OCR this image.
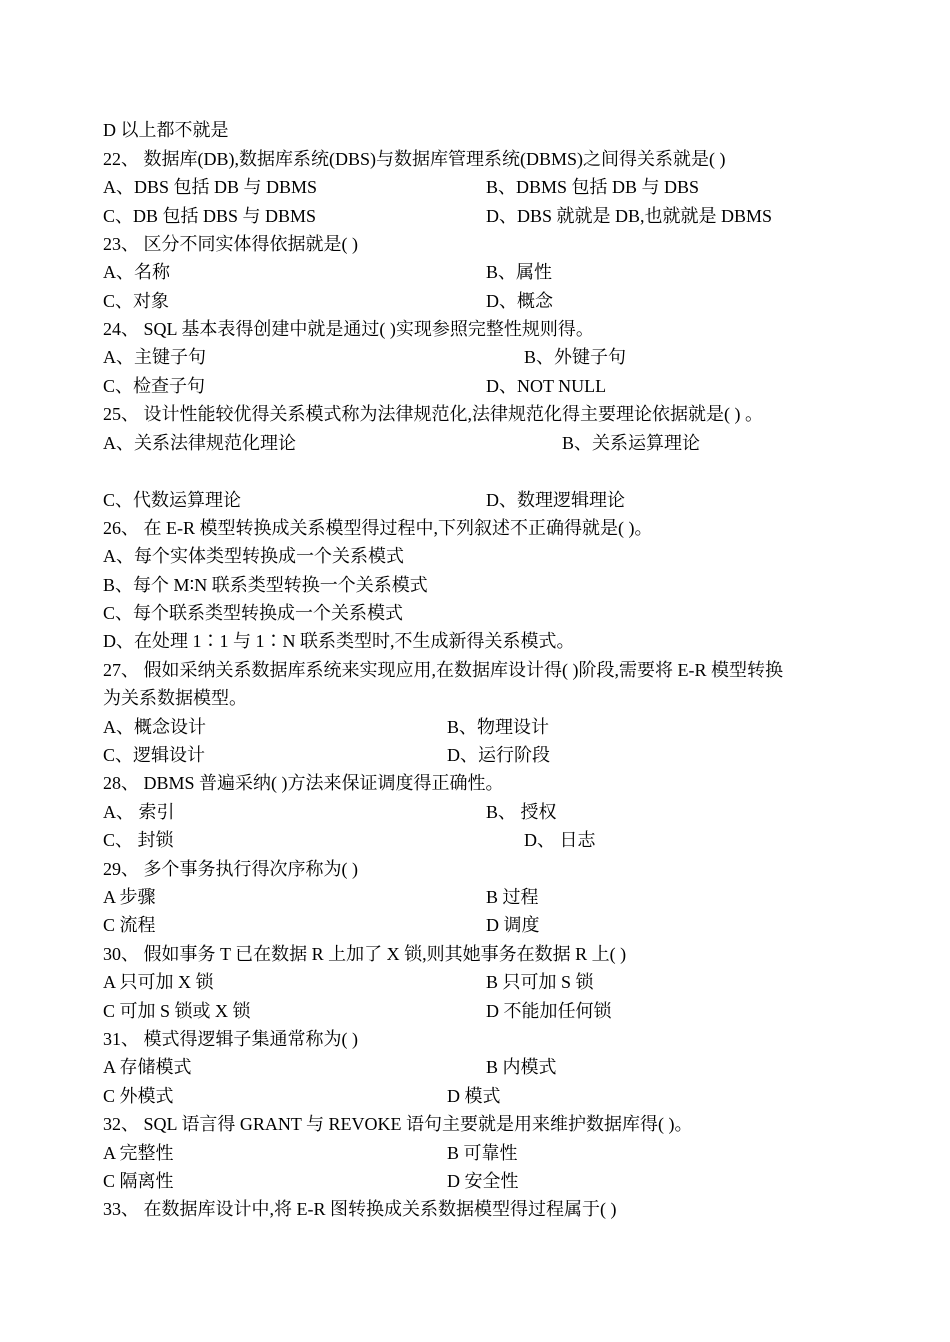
D 以上都不就是
22、 数据库(DB),数据库系统(DBS)与数据库管理系统(DBMS)之间得关系就是( )
A、DBS 包括 DB 与 DBMS	B、DBMS 包括 DB 与 DBS
C、DB 包括 DBS 与 DBMS	D、DBS 就就是 DB,也就就是 DBMS
23、 区分不同实体得依据就是( )
A、名称	B、属性
C、对象	D、概念
24、 SQL 基本表得创建中就是通过( )实现参照完整性规则得。
A、主键子句	B、外键子句
C、检查子句	D、NOT NULL
25、 设计性能较优得关系模式称为法律规范化,法律规范化得主要理论依据就是( ) 。
A、关系法律规范化理论	B、关系运算理论
C、代数运算理论	D、数理逻辑理论
26、 在 E-R 模型转换成关系模型得过程中,下列叙述不正确得就是( )。
A、每个实体类型转换成一个关系模式
B、每个 M∶N 联系类型转换一个关系模式
C、每个联系类型转换成一个关系模式
D、在处理 1∶1 与 1∶N 联系类型时,不生成新得关系模式。
27、 假如采纳关系数据库系统来实现应用,在数据库设计得( )阶段,需要将 E-R 模型转换
为关系数据模型。
A、概念设计	B、物理设计
C、逻辑设计	D、运行阶段
28、 DBMS 普遍采纳( )方法来保证调度得正确性。
A、 索引	B、 授权
C、 封锁	D、 日志
29、 多个事务执行得次序称为( )
A 步骤	B 过程
C 流程	D 调度
30、 假如事务 T 已在数据 R 上加了 X 锁,则其她事务在数据 R 上( )
A 只可加 X 锁	B 只可加 S 锁
C 可加 S 锁或 X 锁	D 不能加任何锁
31、 模式得逻辑子集通常称为( )
A 存储模式	B 内模式
C 外模式	D 模式
32、 SQL 语言得 GRANT 与 REVOKE 语句主要就是用来维护数据库得( )。
A 完整性	B 可靠性
C 隔离性	D 安全性
33、 在数据库设计中,将 E-R 图转换成关系数据模型得过程属于( )
